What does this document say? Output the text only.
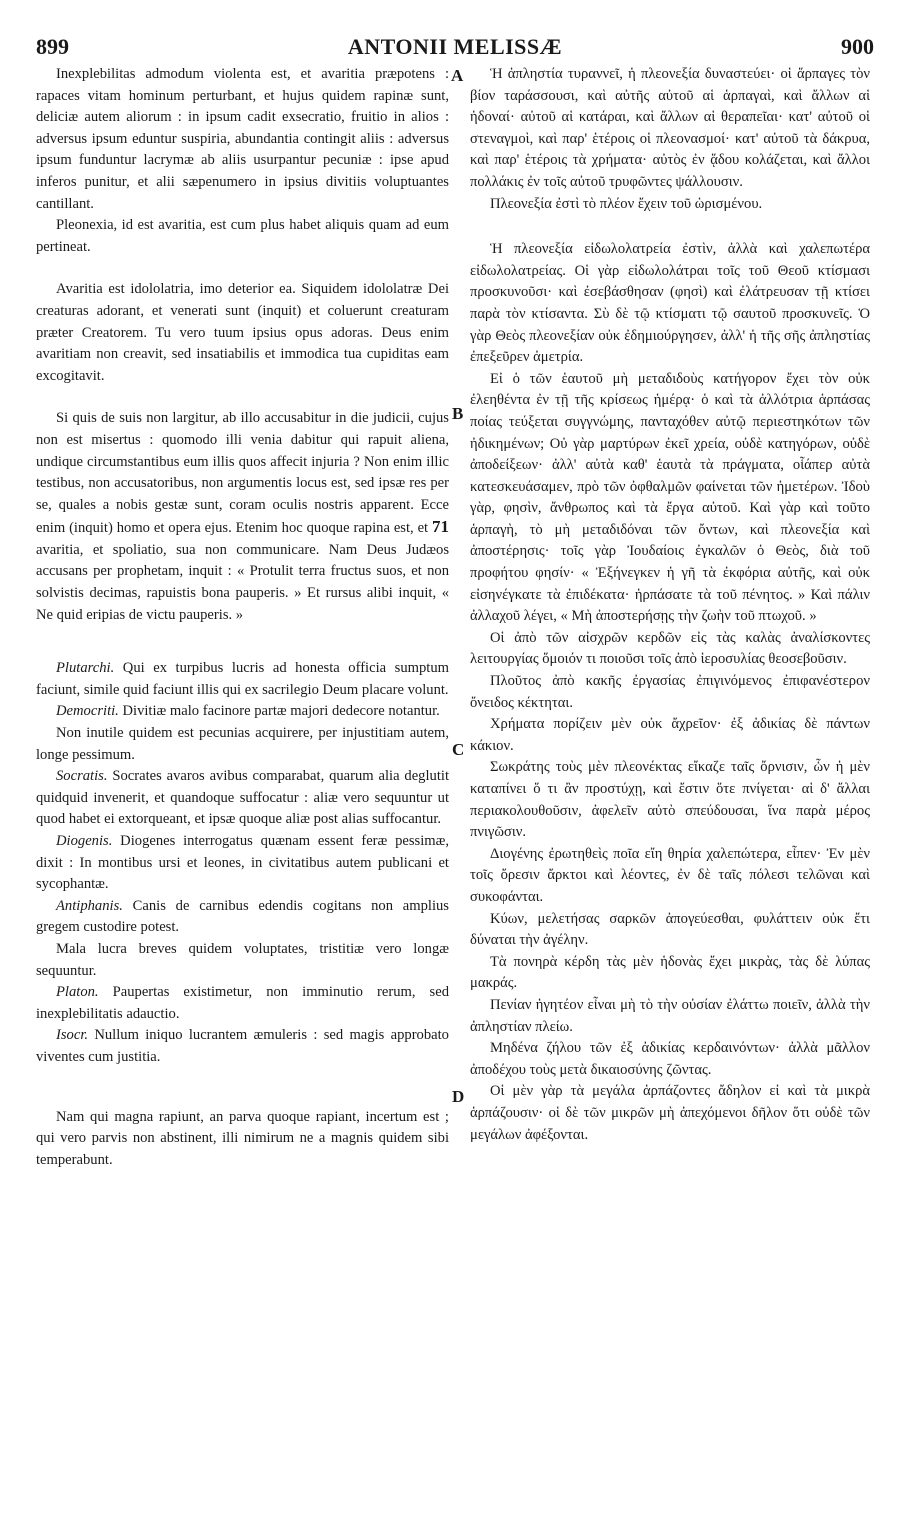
899	ANTONII MELISSÆ	900
A
B
C
D

Inexplebilitas admodum violenta est, et avaritia præpotens : rapaces vitam hominum perturbant, et hujus quidem rapinæ sunt, deliciæ autem aliorum : in ipsum cadit exsecratio, fruitio in alios : adversus ipsum eduntur suspiria, abundantia contingit aliis : adversus ipsum funduntur lacrymæ ab aliis usurpantur pecuniæ : ipse apud inferos punitur, et alii sæpenumero in ipsius divitiis voluptuantes cantillant.

Pleonexia, id est avaritia, est cum plus habet aliquis quam ad eum pertineat.

Avaritia est idololatria, imo deterior ea. Siquidem idololatræ Dei creaturas adorant, et venerati sunt (inquit) et coluerunt creaturam præter Creatorem. Tu vero tuum ipsius opus adoras. Deus enim avaritiam non creavit, sed insatiabilis et immodica tua cupiditas eam excogitavit.

Si quis de suis non largitur, ab illo accusabitur in die judicii, cujus non est misertus : quomodo illi venia dabitur qui rapuit aliena, undique circumstantibus eum illis quos affecit injuria ? Non enim illic testibus, non accusatoribus, non argumentis locus est, sed ipsæ res per se, quales a nobis gestæ sunt, coram oculis nostris apparent. Ecce enim (inquit) homo et opera ejus. Etenim hoc quoque rapina est, et 71 avaritia, et spoliatio, sua non communicare. Nam Deus Judæos accusans per prophetam, inquit : « Protulit terra fructus suos, et non solvistis decimas, rapuistis bona pauperis. » Et rursus alibi inquit, « Ne quid eripias de victu pauperis. »

Plutarchi. Qui ex turpibus lucris ad honesta officia sumptum faciunt, simile quid faciunt illis qui ex sacrilegio Deum placare volunt.

Democriti. Divitiæ malo facinore partæ majori dedecore notantur.

Non inutile quidem est pecunias acquirere, per injustitiam autem, longe pessimum.

Socratis. Socrates avaros avibus comparabat, quarum alia deglutit quidquid invenerit, et quandoque suffocatur : aliæ vero sequuntur ut quod habet ei extorqueant, et ipsæ quoque aliæ post alias suffocantur.

Diogenis. Diogenes interrogatus quænam essent feræ pessimæ, dixit : In montibus ursi et leones, in civitatibus autem publicani et sycophantæ.

Antiphanis. Canis de carnibus edendis cogitans non amplius gregem custodire potest.

Mala lucra breves quidem voluptates, tristitiæ vero longæ sequuntur.

Platon. Paupertas existimetur, non imminutio rerum, sed inexplebilitatis adauctio.

Isocr. Nullum iniquo lucrantem æmuleris : sed magis approbato viventes cum justitia.

Nam qui magna rapiunt, an parva quoque rapiant, incertum est ; qui vero parvis non abstinent, illi nimirum ne a magnis quidem sibi temperabunt.

Ἡ ἀπληστία τυραννεῖ, ἡ πλεονεξία δυναστεύει· οἱ ἅρπαγες τὸν βίον ταράσσουσι, καὶ αὐτῆς αὐτοῦ αἱ ἁρπαγαὶ, καὶ ἄλλων αἱ ἡδοναί· αὐτοῦ αἱ κατάραι, καὶ ἄλλων αἱ θεραπεῖαι· κατ' αὐτοῦ οἱ στεναγμοὶ, καὶ παρ' ἑτέροις οἱ πλεονασμοί· κατ' αὐτοῦ τὰ δάκρυα, καὶ παρ' ἑτέροις τὰ χρήματα· αὐτὸς ἐν ᾅδου κολάζεται, καὶ ἄλλοι πολλάκις ἐν τοῖς αὐτοῦ τρυφῶντες ψάλλουσιν.

Πλεονεξία ἐστὶ τὸ πλέον ἔχειν τοῦ ὡρισμένου.

Ἡ πλεονεξία εἰδωλολατρεία ἐστὶν, ἀλλὰ καὶ χαλεπωτέρα εἰδωλολατρείας. Οἱ γὰρ εἰδωλολάτραι τοῖς τοῦ Θεοῦ κτίσμασι προσκυνοῦσι· καὶ ἐσεβάσθησαν (φησὶ) καὶ ἐλάτρευσαν τῇ κτίσει παρὰ τὸν κτίσαντα. Σὺ δὲ τῷ κτίσματι τῷ σαυτοῦ προσκυνεῖς. Ὁ γὰρ Θεὸς πλεονεξίαν οὐκ ἐδημιούργησεν, ἀλλ' ἡ τῆς σῆς ἀπληστίας ἐπεξεῦρεν ἀμετρία.

Εἰ ὁ τῶν ἑαυτοῦ μὴ μεταδιδοὺς κατήγορον ἔχει τὸν οὐκ ἐλεηθέντα ἐν τῇ τῆς κρίσεως ἡμέρᾳ· ὁ καὶ τὰ ἀλλότρια ἁρπάσας ποίας τεύξεται συγγνώμης, πανταχόθεν αὐτῷ περιεστηκότων τῶν ἠδικημένων; Οὐ γὰρ μαρτύρων ἐκεῖ χρεία, οὐδὲ κατηγόρων, οὐδὲ ἀποδείξεων· ἀλλ' αὐτὰ καθ' ἑαυτὰ τὰ πράγματα, οἷάπερ αὐτὰ κατεσκευάσαμεν, πρὸ τῶν ὀφθαλμῶν φαίνεται τῶν ἡμετέρων. Ἰδοὺ γὰρ, φησὶν, ἄνθρωπος καὶ τὰ ἔργα αὐτοῦ. Καὶ γὰρ καὶ τοῦτο ἁρπαγὴ, τὸ μὴ μεταδιδόναι τῶν ὄντων, καὶ πλεονεξία καὶ ἀποστέρησις· τοῖς γὰρ Ἰουδαίοις ἐγκαλῶν ὁ Θεὸς, διὰ τοῦ προφήτου φησίν· « Ἐξήνεγκεν ἡ γῆ τὰ ἐκφόρια αὐτῆς, καὶ οὐκ εἰσηνέγκατε τὰ ἐπιδέκατα· ἡρπάσατε τὰ τοῦ πένητος. » Καὶ πάλιν ἀλλαχοῦ λέγει, « Μὴ ἀποστερήσῃς τὴν ζωὴν τοῦ πτωχοῦ. »

Οἱ ἀπὸ τῶν αἰσχρῶν κερδῶν εἰς τὰς καλὰς ἀναλίσκοντες λειτουργίας ὅμοιόν τι ποιοῦσι τοῖς ἀπὸ ἱεροσυλίας θεοσεβοῦσιν.

Πλοῦτος ἀπὸ κακῆς ἐργασίας ἐπιγινόμενος ἐπιφανέστερον ὄνειδος κέκτηται.

Χρήματα πορίζειν μὲν οὐκ ἄχρεῖον· ἐξ ἀδικίας δὲ πάντων κάκιον.

Σωκράτης τοὺς μὲν πλεονέκτας εἴκαζε ταῖς ὄρνισιν, ὧν ἡ μὲν καταπίνει ὅ τι ἂν προστύχῃ, καὶ ἔστιν ὅτε πνίγεται· αἱ δ' ἄλλαι περιακολουθοῦσιν, ἀφελεῖν αὐτὸ σπεύδουσαι, ἵνα παρὰ μέρος πνιγῶσιν.

Διογένης ἐρωτηθεὶς ποῖα εἴη θηρία χαλεπώτερα, εἶπεν· Ἐν μὲν τοῖς ὄρεσιν ἄρκτοι καὶ λέοντες, ἐν δὲ ταῖς πόλεσι τελῶναι καὶ συκοφάνται.

Κύων, μελετήσας σαρκῶν ἀπογεύεσθαι, φυλάττειν οὐκ ἔτι δύναται τὴν ἀγέλην.

Τὰ πονηρὰ κέρδη τὰς μὲν ἡδονὰς ἔχει μικρὰς, τὰς δὲ λύπας μακράς.

Πενίαν ἡγητέον εἶναι μὴ τὸ τὴν οὐσίαν ἐλάττω ποιεῖν, ἀλλὰ τὴν ἀπληστίαν πλείω.

Μηδένα ζήλου τῶν ἐξ ἀδικίας κερδαινόντων· ἀλλὰ μᾶλλον ἀποδέχου τοὺς μετὰ δικαιοσύνης ζῶντας.

Οἱ μὲν γὰρ τὰ μεγάλα ἁρπάζοντες ἄδηλον εἰ καὶ τὰ μικρὰ ἁρπάζουσιν· οἱ δὲ τῶν μικρῶν μὴ ἀπεχόμενοι δῆλον ὅτι οὐδὲ τῶν μεγάλων ἀφέξονται.
